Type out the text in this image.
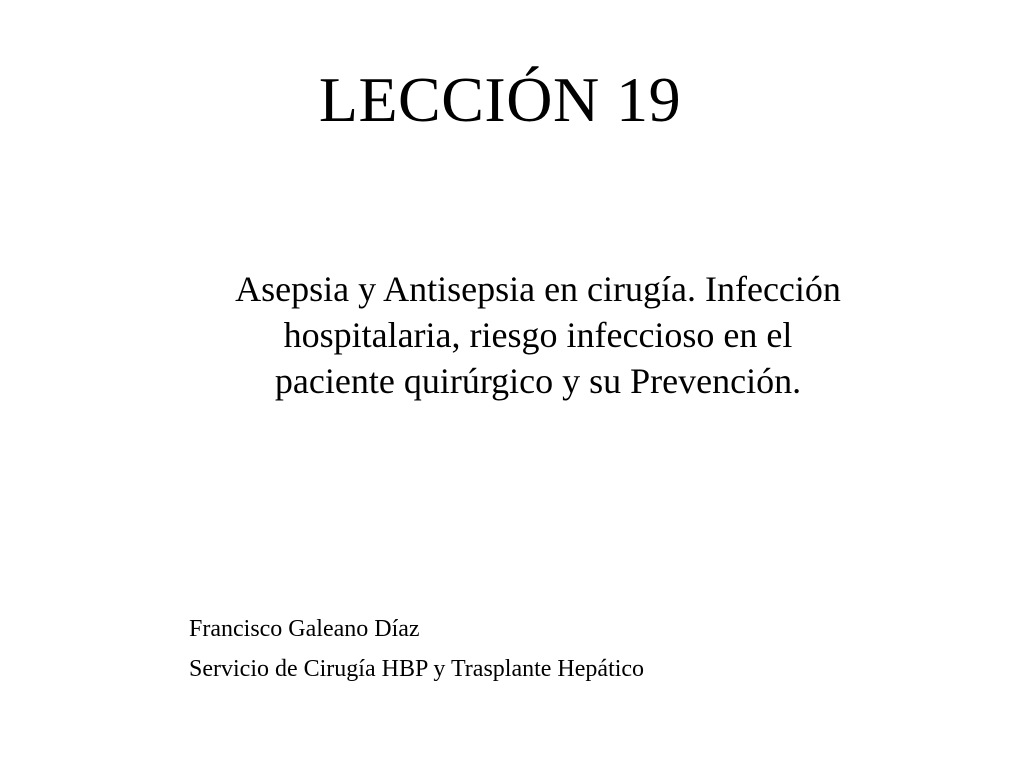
LECCIÓN 19

Asepsia y Antisepsia en cirugía. Infección
hospitalaria, riesgo infeccioso en el
paciente quirúrgico y su Prevención.

Francisco Galeano Díaz
Servicio de Cirugía HBP y Trasplante Hepático
